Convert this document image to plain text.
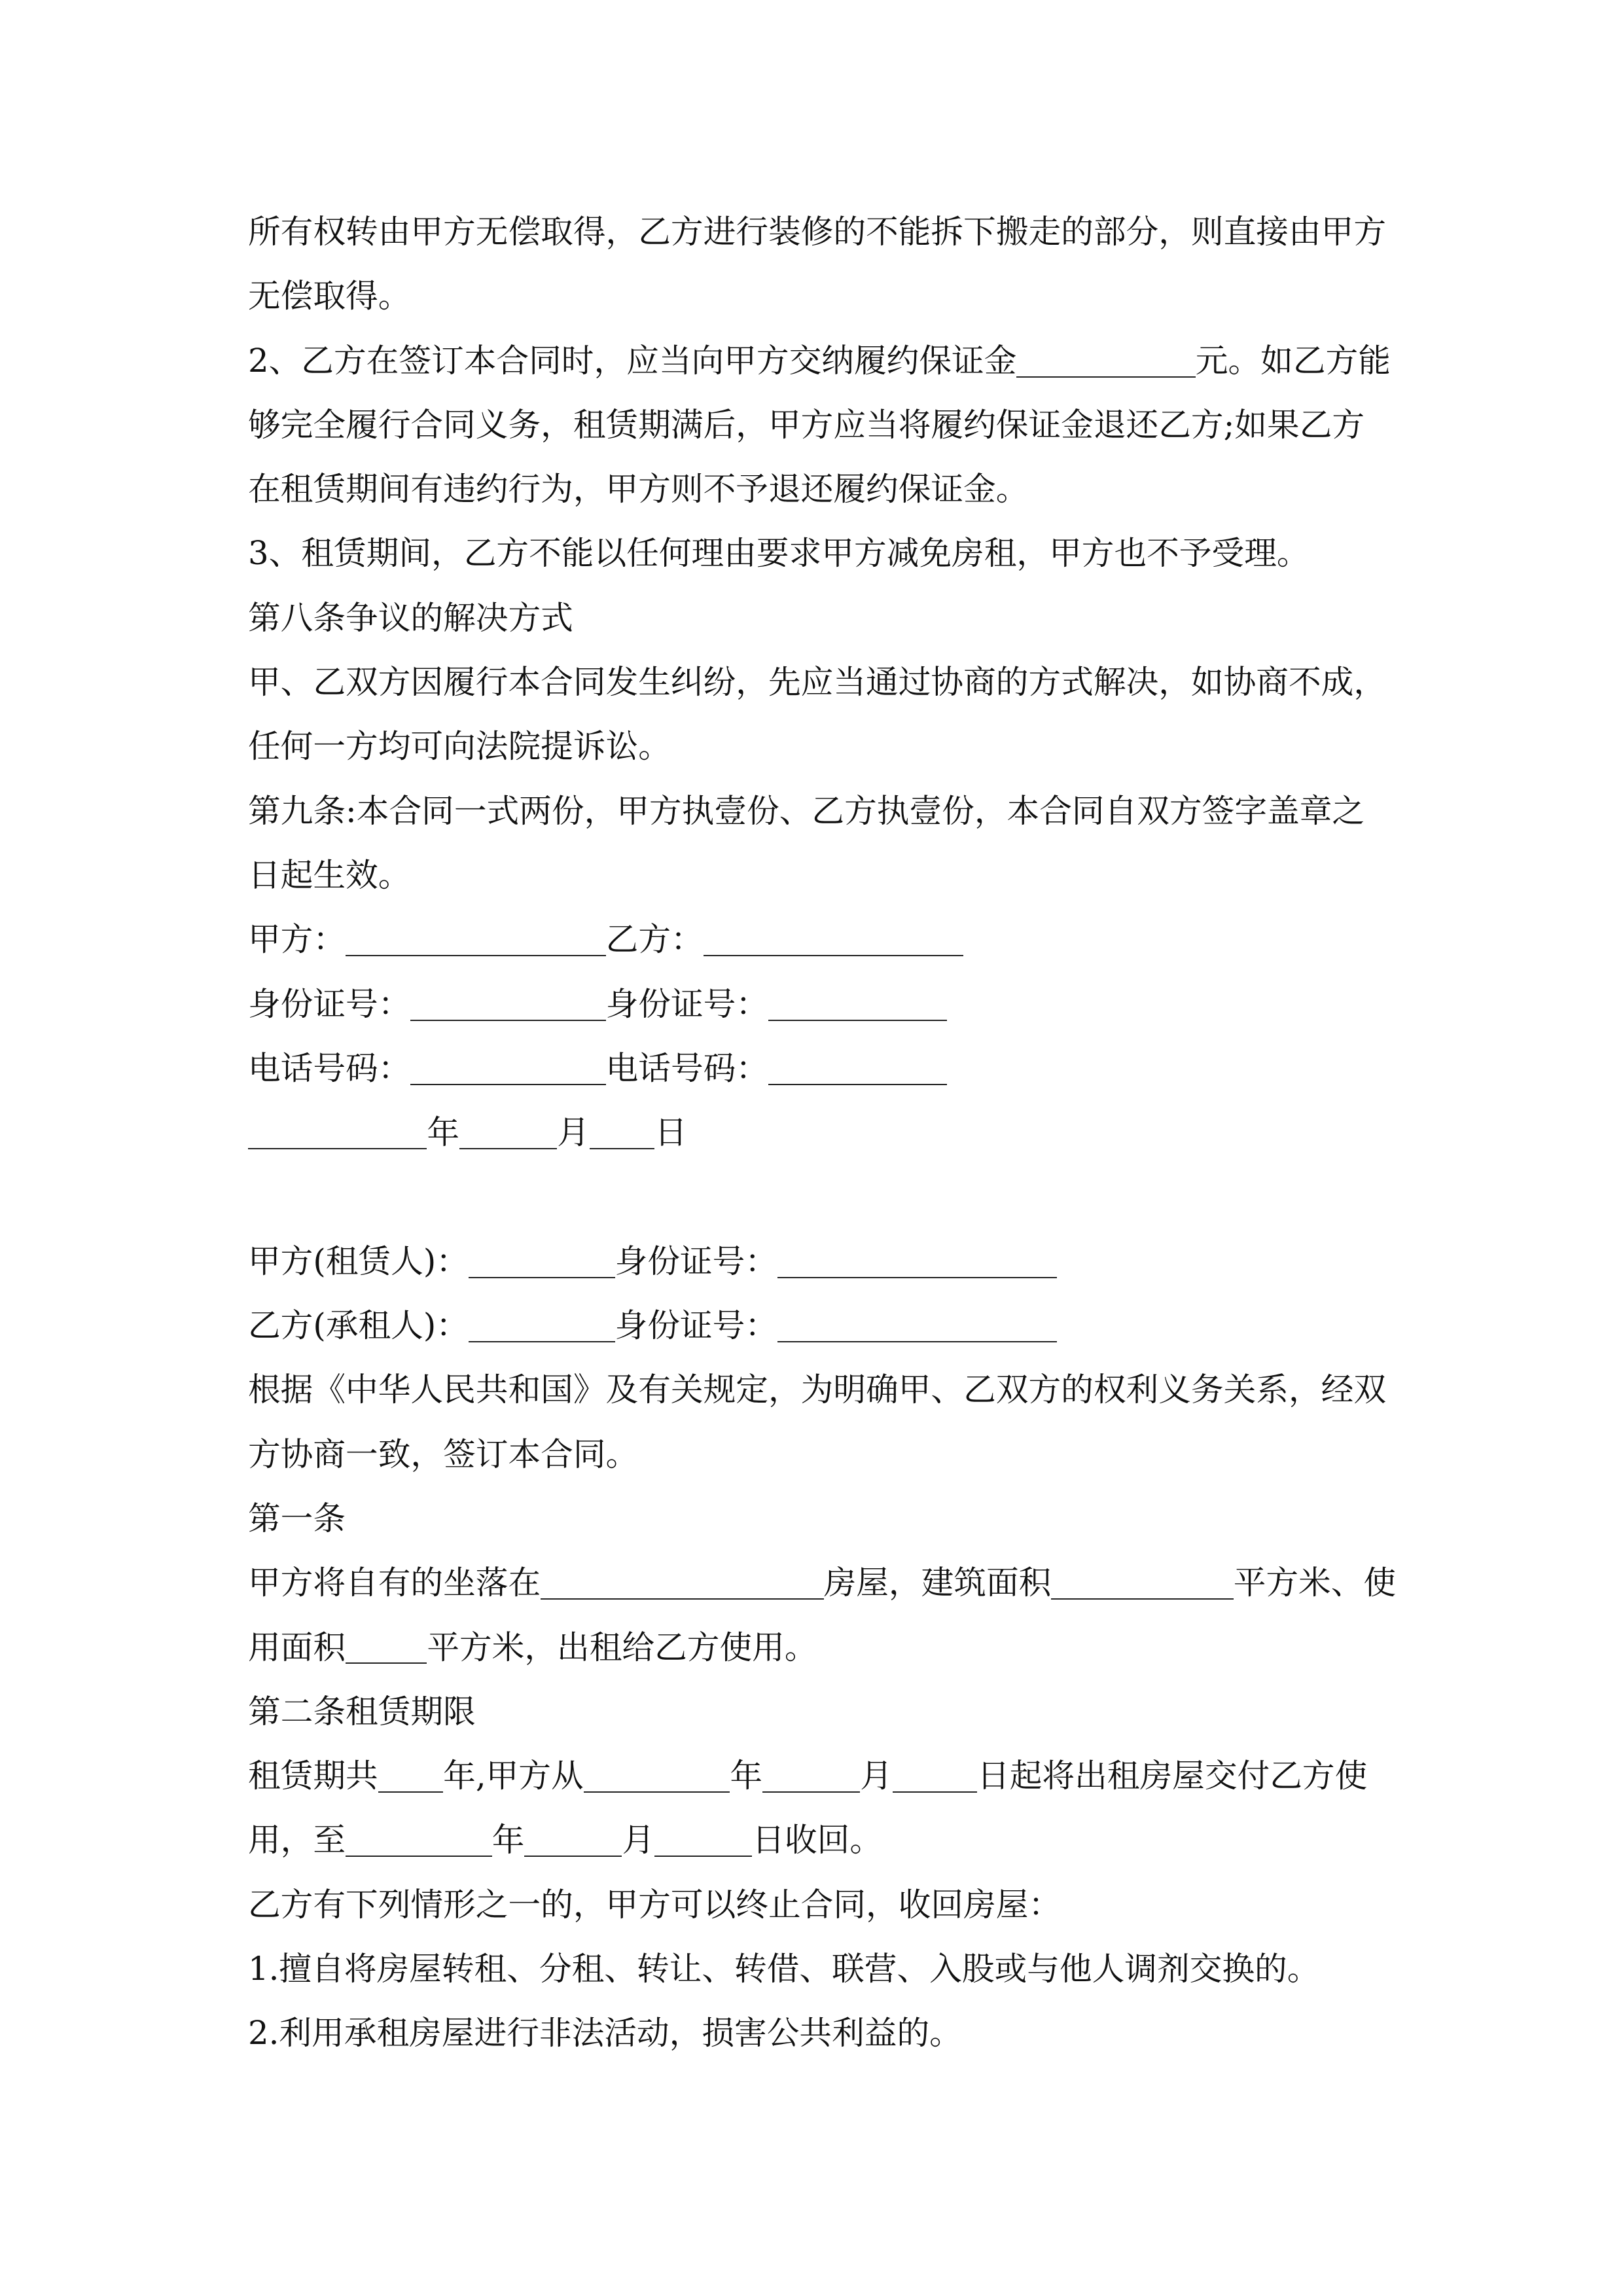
所有权转由甲方无偿取得，乙方进行装修的不能拆下搬走的部分，则直接由甲方
无偿取得。
2、乙方在签订本合同时，应当向甲方交纳履约保证金	元。如乙方能
够完全履行合同义务，租赁期满后，甲方应当将履约保证金退还乙方;如果乙方
在租赁期间有违约行为，甲方则不予退还履约保证金。
3、租赁期间，乙方不能以任何理由要求甲方减免房租，甲方也不予受理。
第八条争议的解决方式
甲、乙双方因履行本合同发生纠纷，先应当通过协商的方式解决，如协商不成，
任何一方均可向法院提诉讼。
第九条:本合同一式两份，甲方执壹份、乙方执壹份，本合同自双方签字盖章之
日起生效。
甲方：	乙方：
身份证号：	身份证号：
电话号码：	电话号码：
年	月 日
甲方(租赁人)：	身份证号：
乙方(承租人)：	身份证号：
根据《中华人民共和国》及有关规定，为明确甲、乙双方的权利义务关系，经双
方协商一致，签订本合同。
第一条
甲方将自有的坐落在	房屋，建筑面积	平方米、使
用面积	平方米，出租给乙方使用。
第二条租赁期限
租赁期共 年,甲方从	年	月	日起将出租房屋交付乙方使
用，至	年	月	日收回。
乙方有下列情形之一的，甲方可以终止合同，收回房屋：
1.擅自将房屋转租、分租、转让、转借、联营、入股或与他人调剂交换的。
2.利用承租房屋进行非法活动，损害公共利益的。
